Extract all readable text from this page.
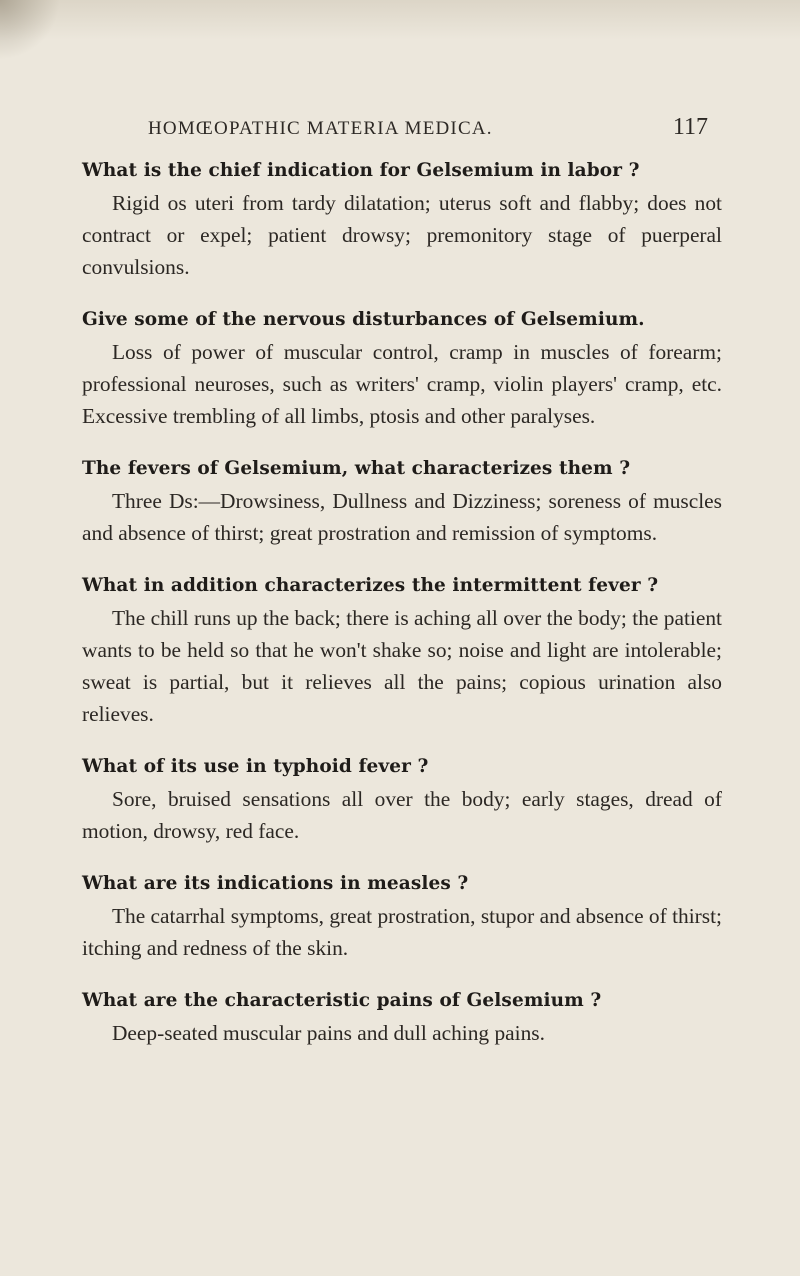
HOMŒOPATHIC MATERIA MEDICA.	117
What is the chief indication for Gelsemium in labor ?
Rigid os uteri from tardy dilatation; uterus soft and flabby; does not contract or expel; patient drowsy; premonitory stage of puerperal convulsions.
Give some of the nervous disturbances of Gelsemium.
Loss of power of muscular control, cramp in muscles of forearm; professional neuroses, such as writers' cramp, violin players' cramp, etc. Excessive trembling of all limbs, ptosis and other paralyses.
The fevers of Gelsemium, what characterizes them ?
Three Ds:—Drowsiness, Dullness and Dizziness; soreness of muscles and absence of thirst; great prostration and remission of symptoms.
What in addition characterizes the intermittent fever ?
The chill runs up the back; there is aching all over the body; the patient wants to be held so that he won't shake so; noise and light are intolerable; sweat is partial, but it relieves all the pains; copious urination also relieves.
What of its use in typhoid fever ?
Sore, bruised sensations all over the body; early stages, dread of motion, drowsy, red face.
What are its indications in measles ?
The catarrhal symptoms, great prostration, stupor and absence of thirst; itching and redness of the skin.
What are the characteristic pains of Gelsemium ?
Deep-seated muscular pains and dull aching pains.
